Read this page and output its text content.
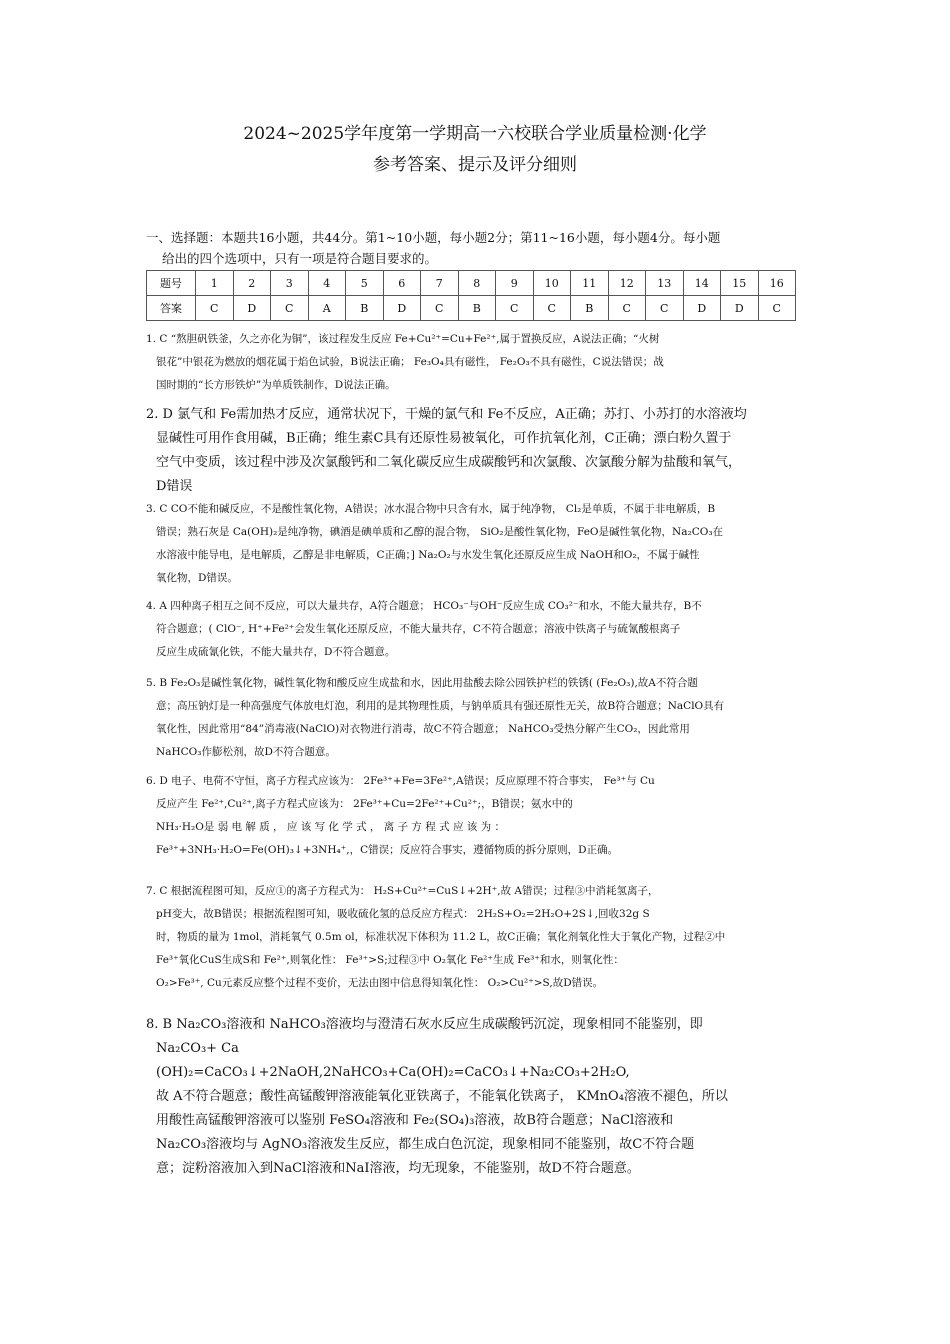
2024~2025学年度第一学期高一六校联合学业质量检测·化学
参考答案、提示及评分细则
一、选择题：本题共16小题，共44分。第1~10小题，每小题2分；第11~16小题，每小题4分。每小题
给出的四个选项中，只有一项是符合题目要求的。
题号	1	2	3	4	5	6	7	8	9	10	11	12	13	14	15	16
答案	C	D	C	A	B	D	C	B	C	C	B	C	C	D	D	C
1. C “熬胆矾铁釜，久之亦化为铜”，该过程发生反应 Fe+Cu²⁺=Cu+Fe²⁺,属于置换反应，A说法正确；“火树
银花”中银花为燃放的烟花属于焰色试验，B说法正确； Fe₃O₄具有磁性， Fe₂O₃不具有磁性，C说法错误；战
国时期的“长方形铁炉”为单质铁制作，D说法正确。
2. D 氯气和 Fe需加热才反应，通常状况下，干燥的氯气和 Fe不反应，A正确；苏打、小苏打的水溶液均
显碱性可用作食用碱，B正确；维生素C具有还原性易被氧化，可作抗氧化剂，C正确；漂白粉久置于
空气中变质，该过程中涉及次氯酸钙和二氧化碳反应生成碳酸钙和次氯酸、次氯酸分解为盐酸和氧气，
D错误
3. C CO不能和碱反应，不是酸性氧化物，A错误；冰水混合物中只含有水，属于纯净物， Cl₂是单质，不属于非电解质，B
错误；熟石灰是 Ca(OH)₂是纯净物，碘酒是碘单质和乙醇的混合物， SiO₂是酸性氧化物，FeO是碱性氧化物，Na₂CO₃在
水溶液中能导电，是电解质，乙醇是非电解质，C正确；] Na₂O₂与水发生氧化还原反应生成 NaOH和O₂，不属于碱性
氧化物，D错误。
4. A 四种离子相互之间不反应，可以大量共存，A符合题意； HCO₃⁻与OH⁻反应生成 CO₃²⁻和水，不能大量共存，B不
符合题意；( ClO⁻, H⁺+Fe²⁺会发生氧化还原反应，不能大量共存，C不符合题意；溶液中铁离子与硫氰酸根离子
反应生成硫氰化铁，不能大量共存，D不符合题意。
5. B Fe₂O₃是碱性氧化物，碱性氧化物和酸反应生成盐和水，因此用盐酸去除公园铁护栏的铁锈( (Fe₂O₃),故A不符合题
意；高压钠灯是一种高强度气体放电灯泡，利用的是其物理性质，与钠单质具有强还原性无关，故B符合题意；NaClO具有
氧化性，因此常用“84”消毒液(NaClO)对衣物进行消毒，故C不符合题意； NaHCO₃受热分解产生CO₂，因此常用
NaHCO₃作膨松剂，故D不符合题意。
6. D 电子、电荷不守恒，离子方程式应该为： 2Fe³⁺+Fe=3Fe²⁺,A错误；反应原理不符合事实， Fe³⁺与 Cu
反应产生 Fe²⁺,Cu²⁺,离子方程式应该为： 2Fe³⁺+Cu=2Fe²⁺+Cu²⁺;，B错误；氨水中的
NH₃·H₂O是 弱 电 解 质 ， 应 该 写 化 学 式 ， 离 子 方 程 式 应 该 为 ：
Fe³⁺+3NH₃·H₂O=Fe(OH)₃↓+3NH₄⁺,，C错误；反应符合事实，遵循物质的拆分原则，D正确。
7. C 根据流程图可知，反应①的离子方程式为： H₂S+Cu²⁺=CuS↓+2H⁺,故 A错误；过程③中消耗氢离子，
pH变大，故B错误；根据流程图可知，吸收硫化氢的总反应方程式： 2H₂S+O₂=2H₂O+2S↓,回收32g S
时，物质的量为 1mol，消耗氧气 0.5m ol，标准状况下体积为 11.2 L，故C正确；氧化剂氧化性大于氧化产物，过程②中
Fe³⁺氧化CuS生成S和 Fe²⁺,则氧化性： Fe³⁺>S;过程③中 O₂氧化 Fe²⁺生成 Fe³⁺和水，则氧化性：
O₂>Fe³⁺, Cu元素反应整个过程不变价，无法由图中信息得知氧化性： O₂>Cu²⁺>S,故D错误。
8. B Na₂CO₃溶液和 NaHCO₃溶液均与澄清石灰水反应生成碳酸钙沉淀，现象相同不能鉴别，即
Na₂CO₃+ Ca
(OH)₂=CaCO₃↓+2NaOH,2NaHCO₃+Ca(OH)₂=CaCO₃↓+Na₂CO₃+2H₂O,
故 A不符合题意；酸性高锰酸钾溶液能氧化亚铁离子，不能氧化铁离子， KMnO₄溶液不褪色，所以
用酸性高锰酸钾溶液可以鉴别 FeSO₄溶液和 Fe₂(SO₄)₃溶液，故B符合题意；NaCl溶液和
Na₂CO₃溶液均与 AgNO₃溶液发生反应，都生成白色沉淀，现象相同不能鉴别，故C不符合题
意；淀粉溶液加入到NaCl溶液和NaI溶液，均无现象，不能鉴别，故D不符合题意。
